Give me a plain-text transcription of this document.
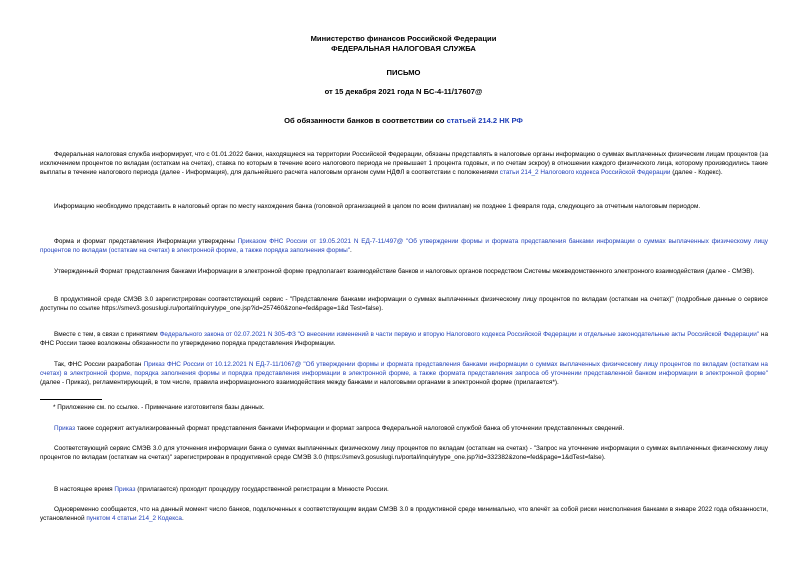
Министерство финансов Российской Федерации
ФЕДЕРАЛЬНАЯ НАЛОГОВАЯ СЛУЖБА
ПИСЬМО
от 15 декабря 2021 года N БС-4-11/17607@
Об обязанности банков в соответствии со статьей 214.2 НК РФ

Федеральная налоговая служба информирует, что с 01.01.2022 банки, находящиеся на территории Российской Федерации, обязаны представлять в налоговые органы информацию о суммах выплаченных физическим лицам процентов (за исключением процентов по вкладам (остаткам на счетах), ставка по которым в течение всего налогового периода не превышает 1 процента годовых, и по счетам эскроу) в отношении каждого физического лица, которому производились такие выплаты в течение налогового периода (далее - Информация), для дальнейшего расчета налоговым органом сумм НДФЛ в соответствии с положениями статьи 214_2 Налогового кодекса Российской Федерации (далее - Кодекс).

Информацию необходимо представить в налоговый орган по месту нахождения банка (головной организацией в целом по всем филиалам) не позднее 1 февраля года, следующего за отчетным налоговым периодом.

Форма и формат представления Информации утверждены Приказом ФНС России от 19.05.2021 N ЕД-7-11/497@ "Об утверждении формы и формата представления банками информации о суммах выплаченных физическому лицу процентов по вкладам (остаткам на счетах) в электронной форме, а также порядка заполнения формы".

Утвержденный Формат представления банками Информации в электронной форме предполагает взаимодействие банков и налоговых органов посредством Системы межведомственного электронного взаимодействия (далее - СМЭВ).

В продуктивной среде СМЭВ 3.0 зарегистрирован соответствующий сервис - "Представление банками информации о суммах выплаченных физическому лицу процентов по вкладам (остаткам на счетах)" (подробные данные о сервисе доступны по ссылке https://smev3.gosuslugi.ru/portal/inquirytype_one.jsp?id=257460&zone=fed&page=1&d Test=false).

Вместе с тем, в связи с принятием Федерального закона от 02.07.2021 N 305-ФЗ "О внесении изменений в части первую и вторую Налогового кодекса Российской Федерации и отдельные законодательные акты Российской Федерации" на ФНС России также возложены обязанности по утверждению порядка представления Информации.

Так, ФНС России разработан Приказ ФНС России от 10.12.2021 N ЕД-7-11/1067@ "Об утверждении формы и формата представления банками информации о суммах выплаченных физическому лицу процентов по вкладам (остаткам на счетах) в электронной форме, порядка заполнения формы и порядка представления информации в электронной форме, а также формата представления запроса об уточнении представленной банком информации в электронной форме" (далее - Приказ), регламентирующий, в том числе, правила информационного взаимодействия между банками и налоговыми органами в электронной форме (прилагается*).

* Приложение см. по ссылке. - Примечание изготовителя базы данных.

Приказ также содержит актуализированный формат представления банками Информации и формат запроса Федеральной налоговой службой банка об уточнении представленных сведений.

Соответствующий сервис СМЭВ 3.0 для уточнения информации банка о суммах выплаченных физическому лицу процентов по вкладам (остаткам на счетах) - "Запрос на уточнение информации о суммах выплаченных физическому лицу процентов по вкладам (остаткам на счетах)" зарегистрирован в продуктивной среде СМЭВ 3.0 (https://smev3.gosuslugi.ru/portal/inquirytype_one.jsp?id=332382&zone=fed&page=1&dTest=false).

В настоящее время Приказ (прилагается) проходит процедуру государственной регистрации в Минюсте России.

Одновременно сообщается, что на данный момент число банков, подключенных к соответствующим видам СМЭВ 3.0 в продуктивной среде минимально, что влечёт за собой риски неисполнения банками в январе 2022 года обязанности, установленной пунктом 4 статьи 214_2 Кодекса.
